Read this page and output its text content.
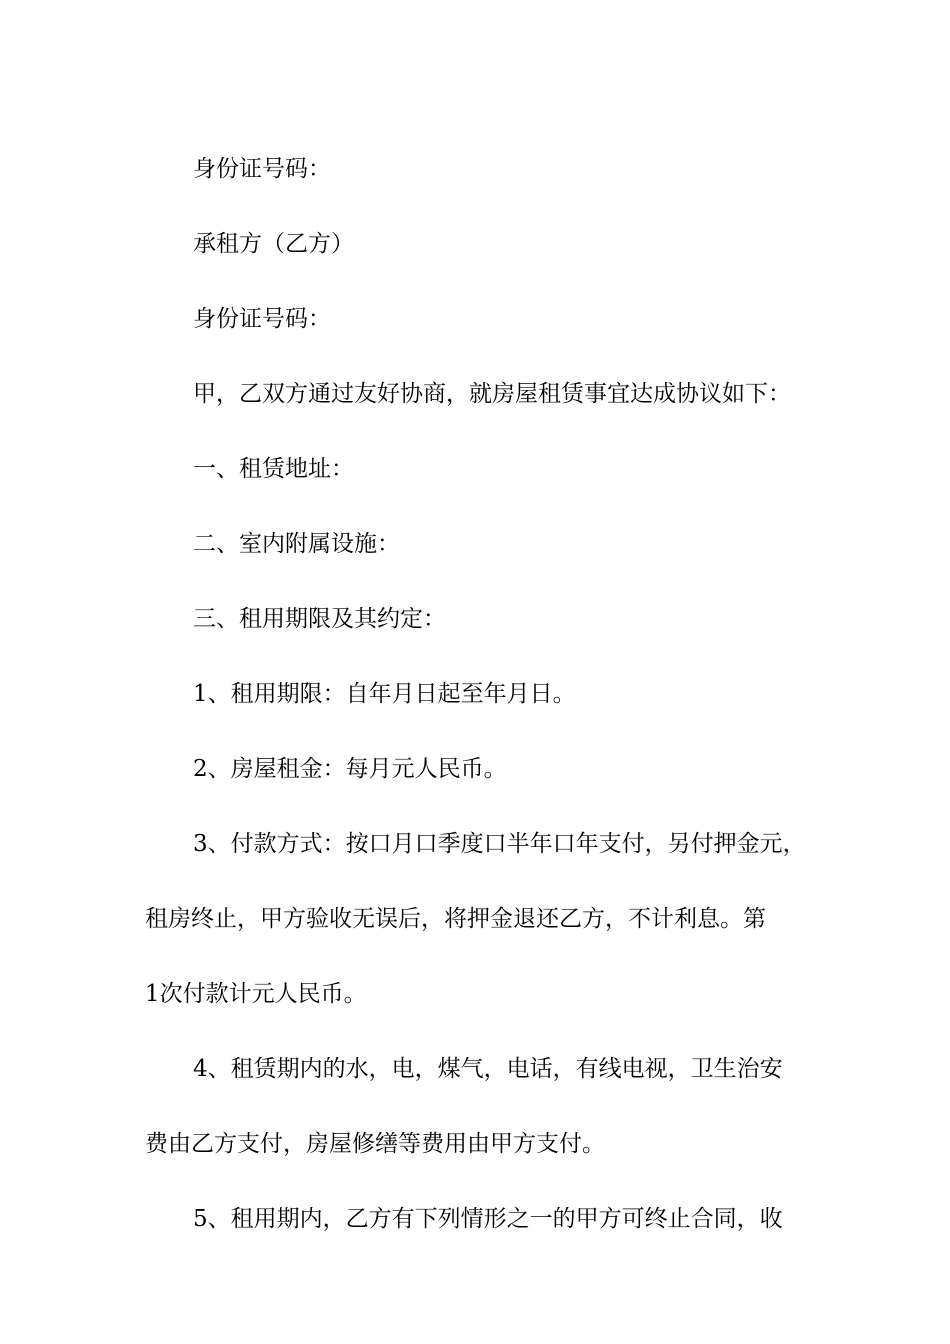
身份证号码：

承租方（乙方）

身份证号码：

甲，乙双方通过友好协商，就房屋租赁事宜达成协议如下：

一、租赁地址：

二、室内附属设施：

三、租用期限及其约定：

1、租用期限：自年月日起至年月日。

2、房屋租金：每月元人民币。

3、付款方式：按口月口季度口半年口年支付，另付押金元，

租房终止，甲方验收无误后，将押金退还乙方，不计利息。第

1次付款计元人民币。

4、租赁期内的水，电，煤气，电话，有线电视，卫生治安

费由乙方支付，房屋修缮等费用由甲方支付。

5、租用期内，乙方有下列情形之一的甲方可终止合同，收
